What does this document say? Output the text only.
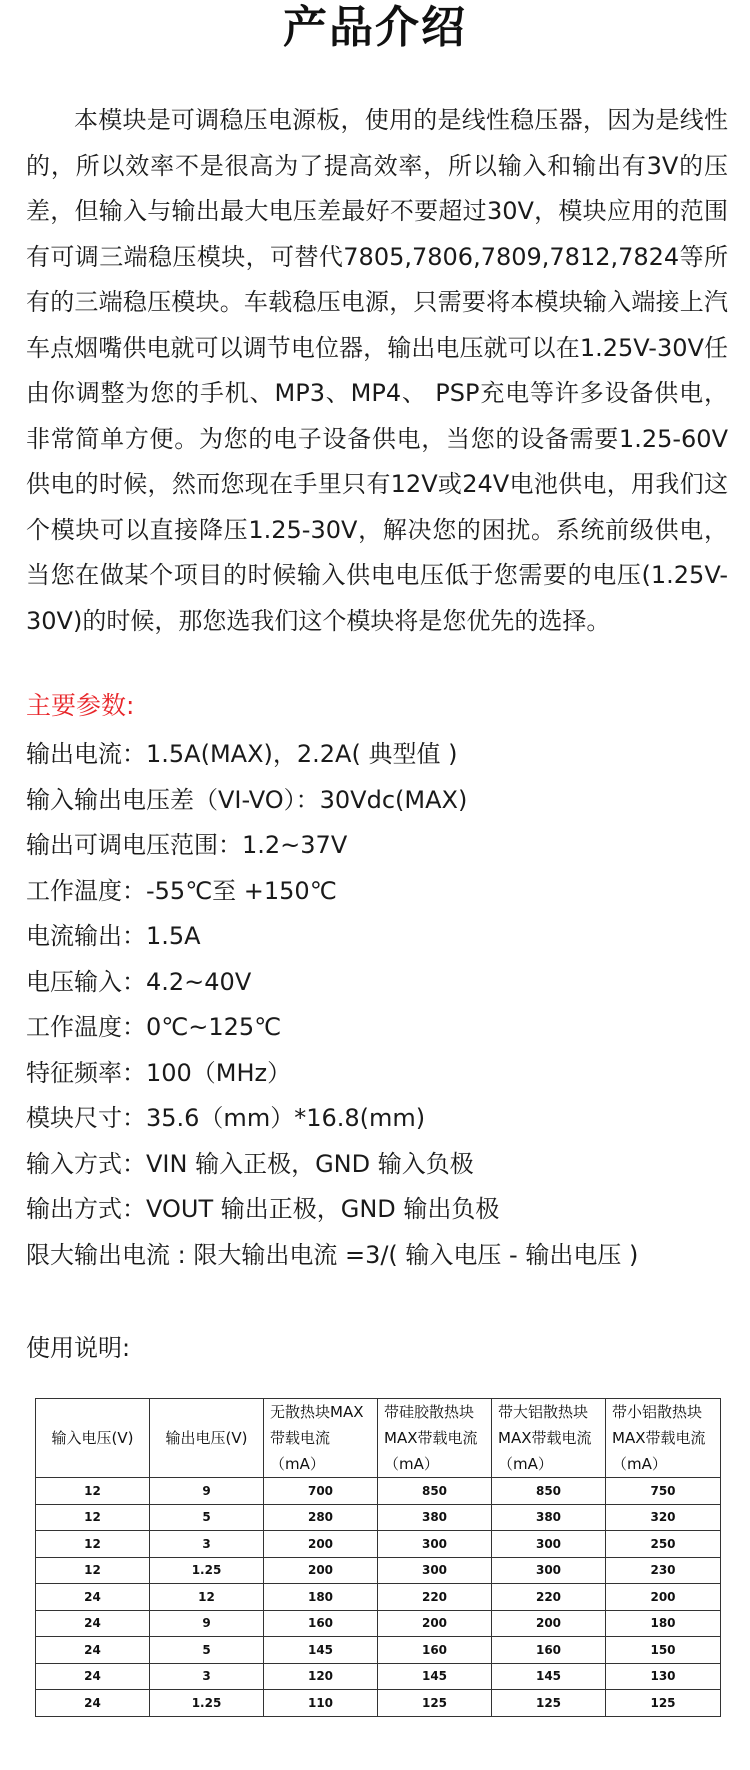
产品介绍

本模块是可调稳压电源板，使用的是线性稳压器，因为是线性的，所以效率不是很高为了提高效率，所以输入和输出有3V的压差，但输入与输出最大电压差最好不要超过30V，模块应用的范围有可调三端稳压模块，可替代7805,7806,7809,7812,7824等所有的三端稳压模块。车载稳压电源，只需要将本模块输入端接上汽车点烟嘴供电就可以调节电位器，输出电压就可以在1.25V-30V任由你调整为您的手机、MP3、MP4、 PSP充电等许多设备供电，非常简单方便。为您的电子设备供电，当您的设备需要1.25-60V供电的时候，然而您现在手里只有12V或24V电池供电，用我们这个模块可以直接降压1.25-30V，解决您的困扰。系统前级供电，当您在做某个项目的时候输入供电电压低于您需要的电压(1.25V-30V)的时候，那您选我们这个模块将是您优先的选择。

主要参数:
输出电流：1.5A(MAX)，2.2A( 典型值 )
输入输出电压差（VI-VO）：30Vdc(MAX)
输出可调电压范围：1.2~37V
工作温度：-55℃至 +150℃
电流输出：1.5A
电压输入：4.2~40V
工作温度：0℃~125℃
特征频率：100（MHz）
模块尺寸：35.6（mm）*16.8(mm)
输入方式：VIN 输入正极，GND 输入负极
输出方式：VOUT 输出正极，GND 输出负极
限大输出电流 : 限大输出电流 =3/( 输入电压 - 输出电压 )
使用说明:
输入电压(V)	输出电压(V)	无散热块MAX带载电流（mA）	带硅胶散热块MAX带载电流（mA）	带大铝散热块MAX带载电流（mA）	带小铝散热块MAX带载电流（mA）
12	9	700	850	850	750
12	5	280	380	380	320
12	3	200	300	300	250
12	1.25	200	300	300	230
24	12	180	220	220	200
24	9	160	200	200	180
24	5	145	160	160	150
24	3	120	145	145	130
24	1.25	110	125	125	125
